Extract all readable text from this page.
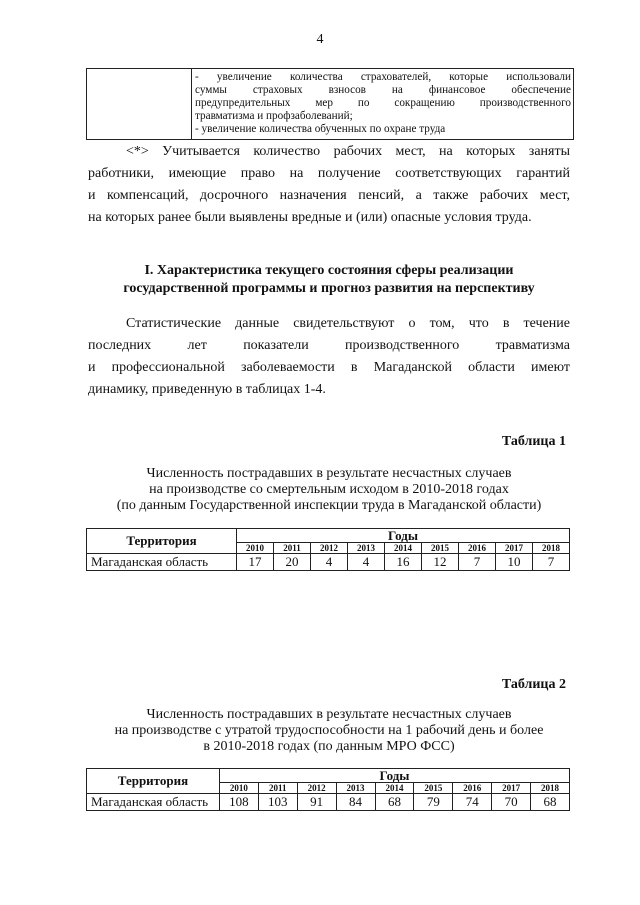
4

- увеличение количества страхователей, которые использовали
суммы страховых взносов на финансовое обеспечение
предупредительных мер по сокращению производственного
травматизма и профзаболеваний;
- увеличение количества обученных по охране труда
<*> Учитывается количество рабочих мест, на которых заняты
работники, имеющие право на получение соответствующих гарантий
и компенсаций, досрочного назначения пенсий, а также рабочих мест,
на которых ранее были выявлены вредные и (или) опасные условия труда.
I. Характеристика текущего состояния сферы реализации
государственной программы и прогноз развития на перспективу
Статистические данные свидетельствуют о том, что в течение
последних лет показатели производственного травматизма
и профессиональной заболеваемости в Магаданской области имеют
динамику, приведенную в таблицах 1-4.
Таблица 1
Численность пострадавших в результате несчастных случаев
на производстве со смертельным исходом в 2010-2018 годах
(по данным Государственной инспекции труда в Магаданской области)
Территория	Годы								
	2010	2011	2012	2013	2014	2015	2016	2017	2018
Магаданская область	17	20	4	4	16	12	7	10	7
Таблица 2
Численность пострадавших в результате несчастных случаев
на производстве с утратой трудоспособности на 1 рабочий день и более
в 2010-2018 годах (по данным МРО ФСС)
Территория	Годы								
	2010	2011	2012	2013	2014	2015	2016	2017	2018
Магаданская область	108	103	91	84	68	79	74	70	68
